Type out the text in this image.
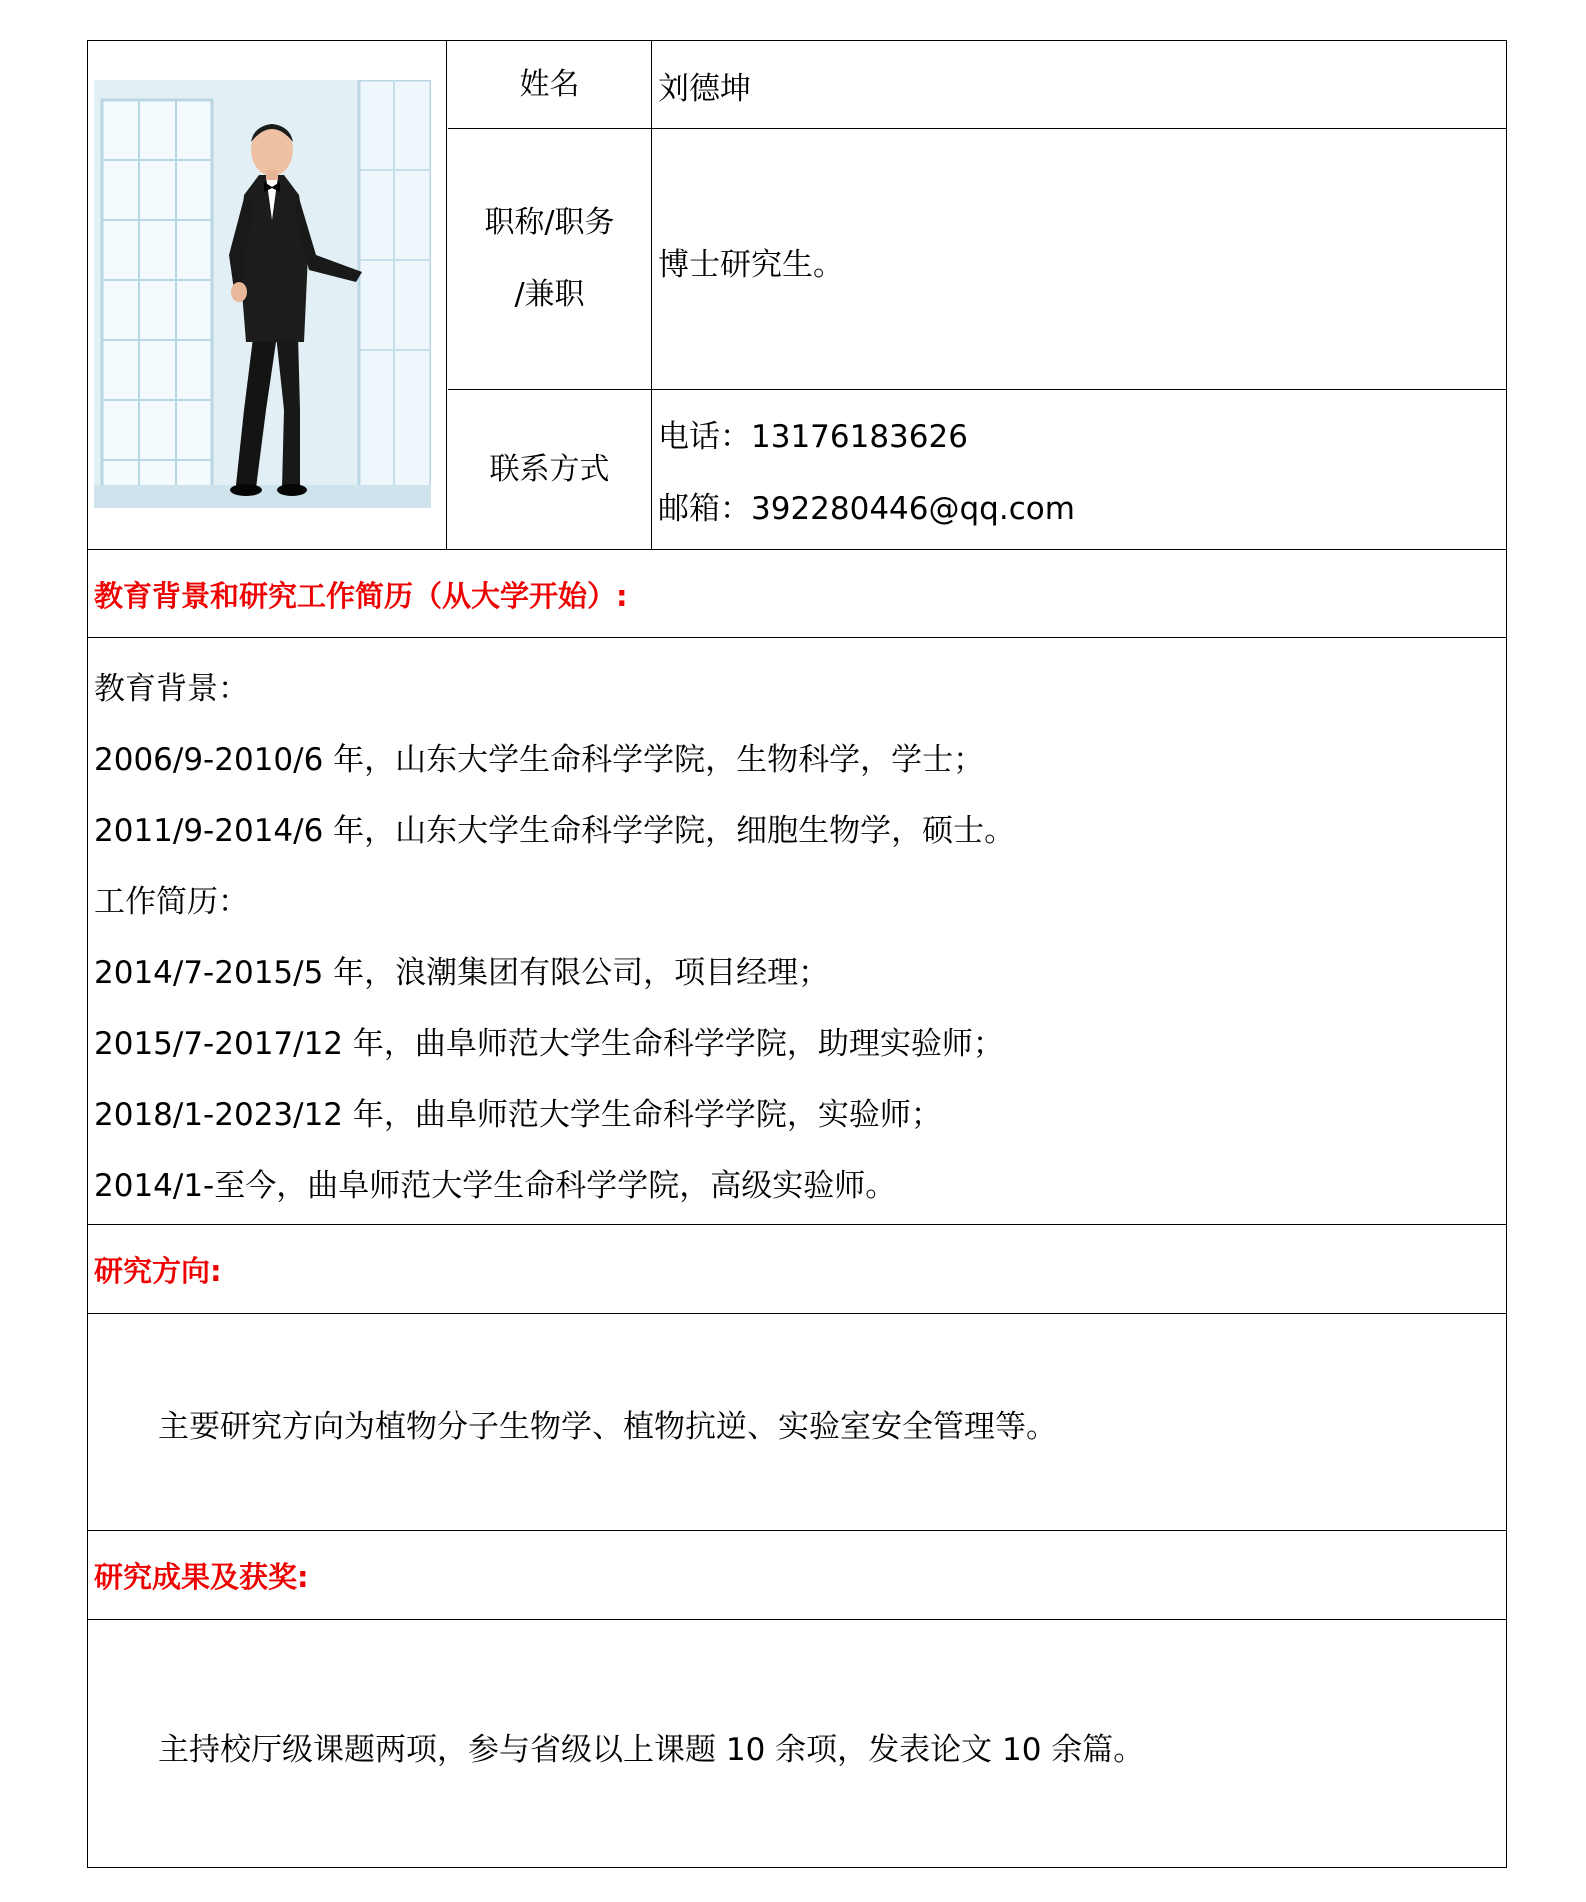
姓名	刘德坤
职称/职务
/兼职
博士研究生。
联系方式
电话：13176183626
邮箱：392280446@qq.com
教育背景和研究工作简历（从大学开始）:
教育背景：
2006/9-2010/6 年，山东大学生命科学学院，生物科学，学士；
2011/9-2014/6 年，山东大学生命科学学院，细胞生物学，硕士。
工作简历：
2014/7-2015/5 年，浪潮集团有限公司，项目经理；
2015/7-2017/12 年，曲阜师范大学生命科学学院，助理实验师；
2018/1-2023/12 年，曲阜师范大学生命科学学院，实验师；
2014/1-至今，曲阜师范大学生命科学学院，高级实验师。
研究方向:
主要研究方向为植物分子生物学、植物抗逆、实验室安全管理等。
研究成果及获奖:
主持校厅级课题两项，参与省级以上课题 10 余项，发表论文 10 余篇。
